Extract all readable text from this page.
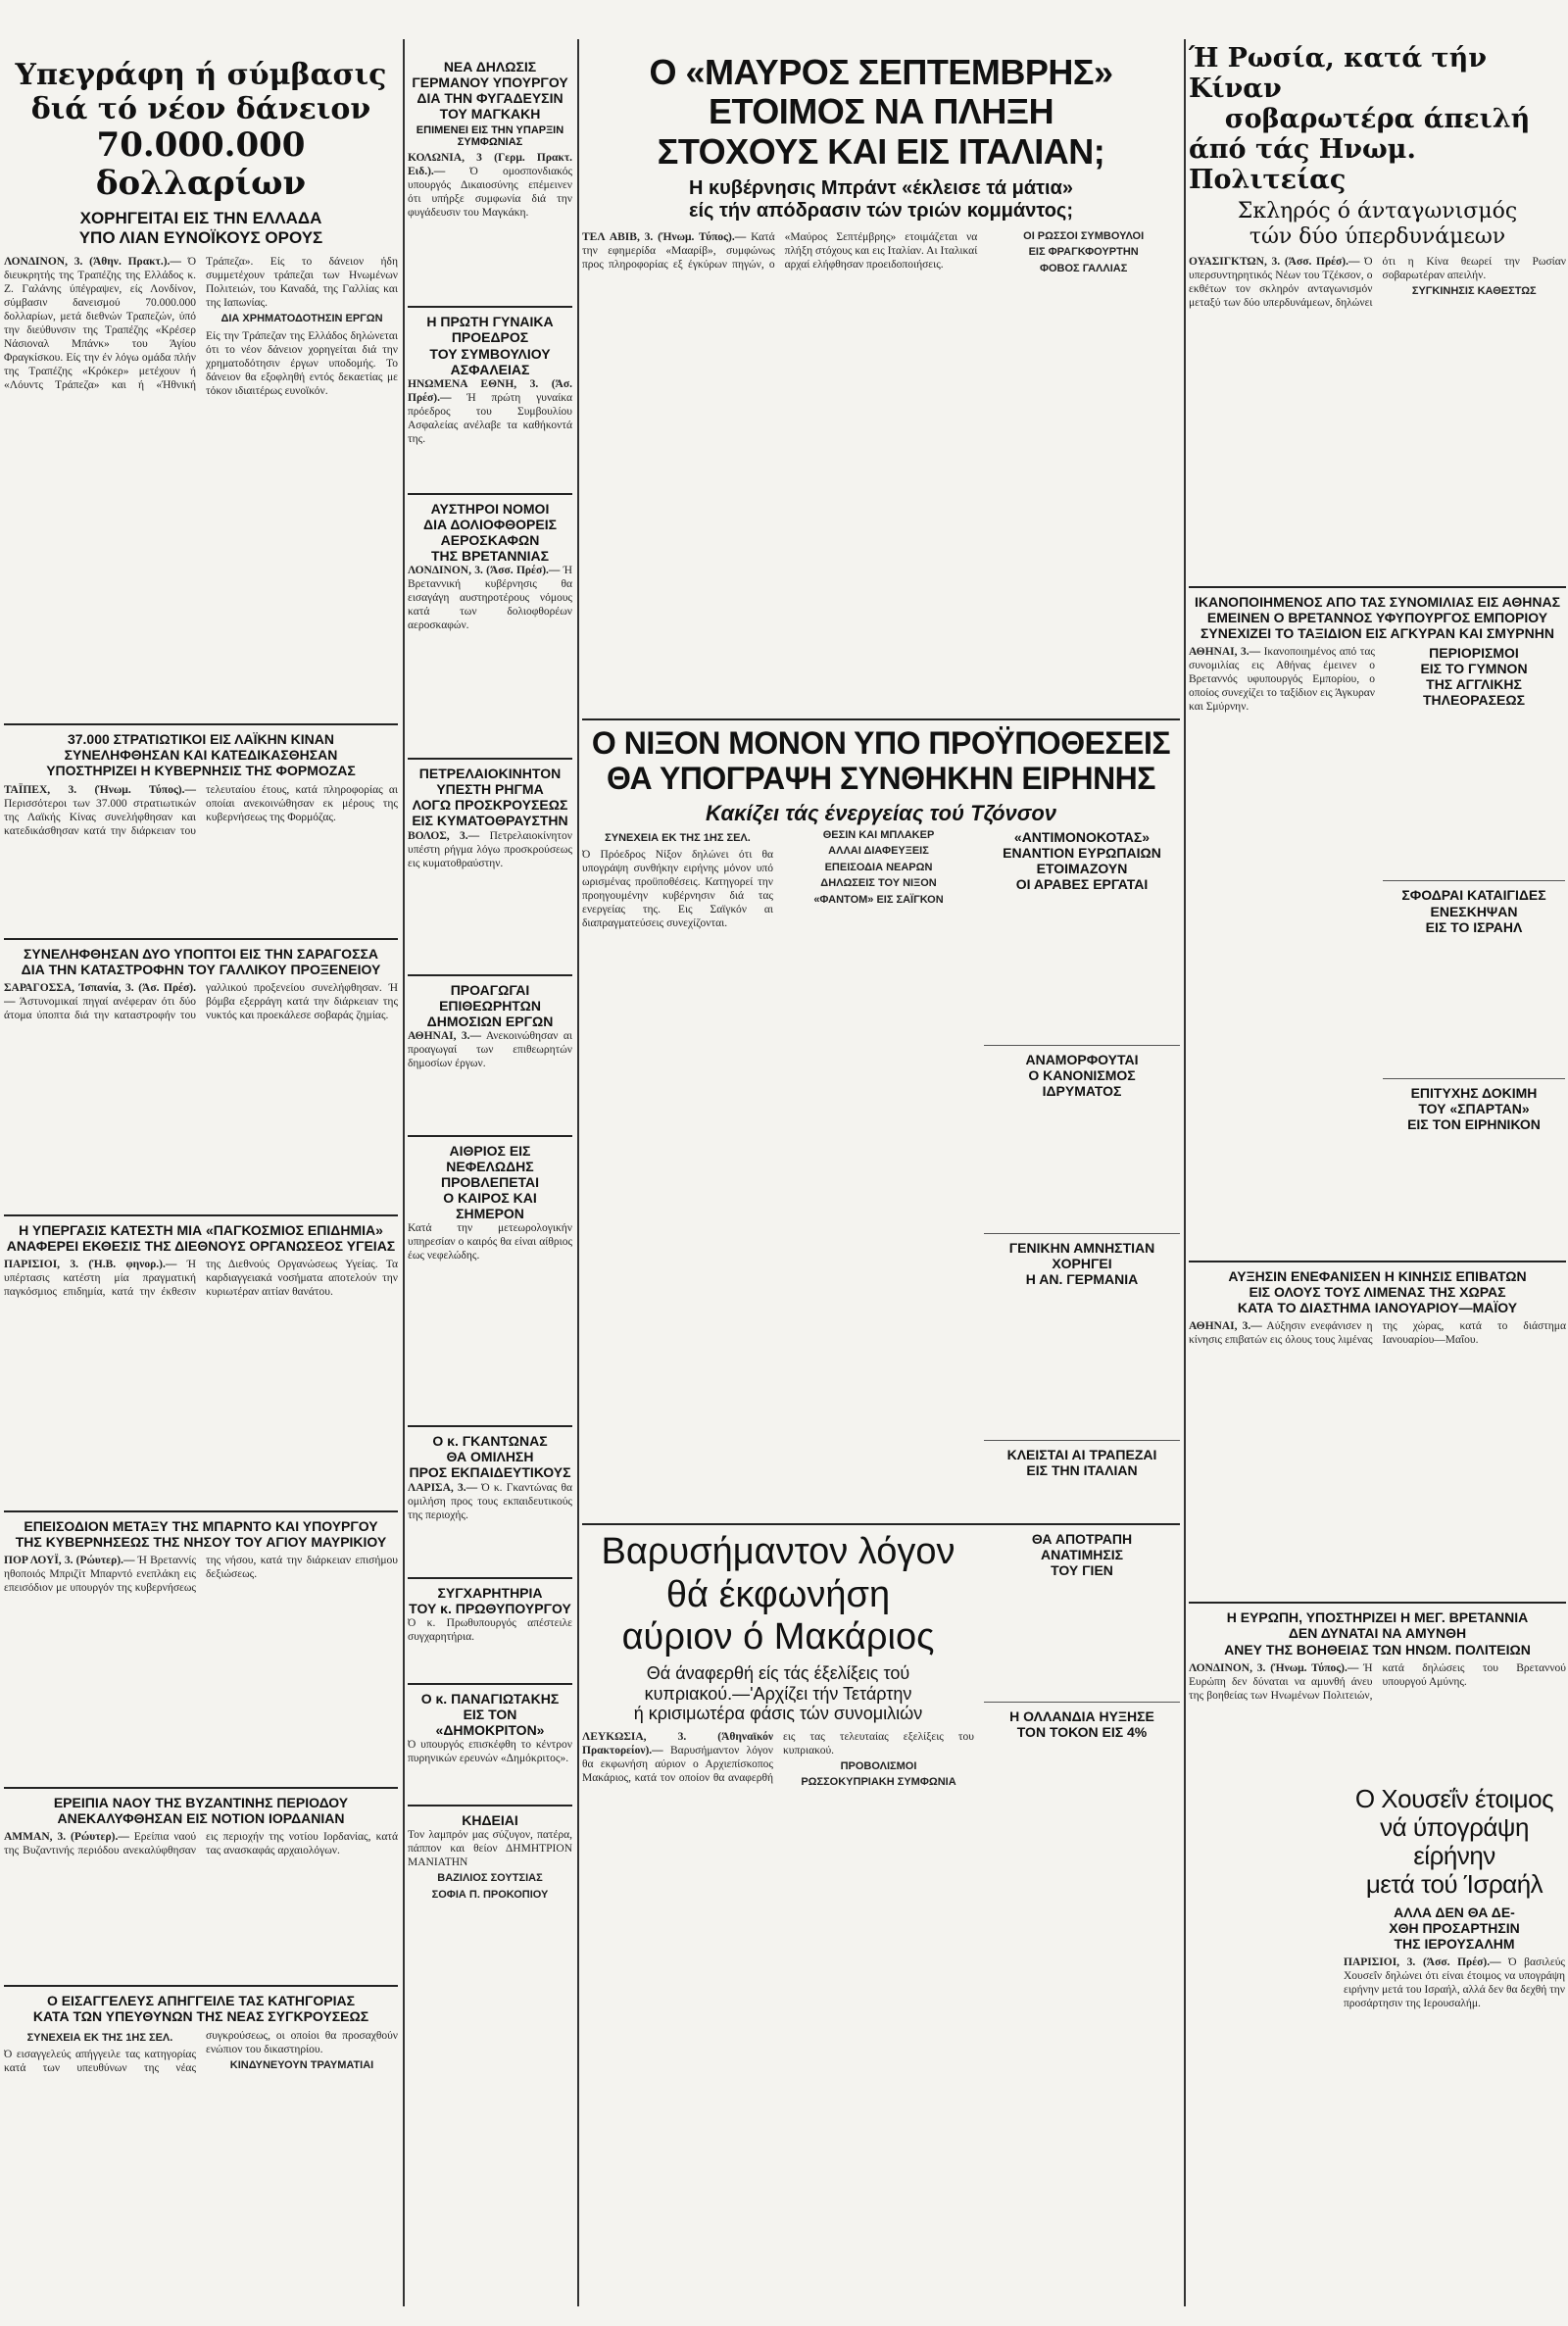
Υπεγράφη ή σύμβασις
διά τό νέον δάνειον
70.000.000 δολλαρίων
ΧΟΡΗΓΕΙΤΑΙ ΕΙΣ ΤΗΝ ΕΛΛΑΔΑ
ΥΠΟ ΛΙΑΝ ΕΥΝΟΪΚΟΥΣ ΟΡΟΥΣ
ΛΟΝΔΙΝΟΝ, 3. (Άθην. Πρακτ.).— Ό διευκρητής της Τραπέζης της Ελλάδος κ. Ζ. Γαλάνης ύπέγραψεν, είς Λονδίνον, σύμβασιν δανεισμού 70.000.000 δολλαρίων, μετά διεθνών Τραπεζών, ύπό την διεύθυνσιν της Τραπέζης «Κρέσερ Νάσιοναλ Μπάνκ» του Άγίου Φραγκίσκου. Είς την έν λόγω ομάδα πλήν της Τραπέζης «Κρόκερ» μετέχουν ή «Λόυντς Τράπεζα» και ή «Ήθνική Τράπεζα». Είς το δάνειον ήδη συμμετέχουν τράπεζαι των Ηνωμένων Πολιτειών, του Καναδά, της Γαλλίας και της Ιαπωνίας.
ΔΙΑ ΧΡΗΜΑΤΟΔΟΤΗΣΙΝ ΕΡΓΩΝ
Είς την Τράπεζαν της Ελλάδος δηλώνεται ότι το νέον δάνειον χορηγείται διά την χρηματοδότησιν έργων υποδομής. Το δάνειον θα εξοφληθή εντός δεκαετίας με τόκον ιδιαιτέρως ευνοϊκόν.
37.000 ΣΤΡΑΤΙΩΤΙΚΟΙ ΕΙΣ ΛΑΪΚΗΝ ΚΙΝΑΝ
ΣΥΝΕΛΗΦΘΗΣΑΝ ΚΑΙ ΚΑΤΕΔΙΚΑΣΘΗΣΑΝ
ΥΠΟΣΤΗΡΙΖΕΙ Η ΚΥΒΕΡΝΗΣΙΣ ΤΗΣ ΦΟΡΜΟΖΑΣ
ΤΑΪΠΕΧ, 3. (Ήνωμ. Τύπος).— Περισσότεροι των 37.000 στρατιωτικών της Λαϊκής Κίνας συνελήφθησαν και κατεδικάσθησαν κατά την διάρκειαν του τελευταίου έτους, κατά πληροφορίας αι οποίαι ανεκοινώθησαν εκ μέρους της κυβερνήσεως της Φορμόζας.
ΣΥΝΕΛΗΦΘΗΣΑΝ ΔΥΟ ΥΠΟΠΤΟΙ ΕΙΣ ΤΗΝ ΣΑΡΑΓΟΣΣΑ
ΔΙΑ ΤΗΝ ΚΑΤΑΣΤΡΟΦΗΝ ΤΟΥ ΓΑΛΛΙΚΟΥ ΠΡΟΞΕΝΕΙΟΥ
ΣΑΡΑΓΟΣΣΑ, Ίσπανία, 3. (Άσ. Πρέσ).— Άστυνομικαί πηγαί ανέφεραν ότι δύο άτομα ύποπτα διά την καταστροφήν του γαλλικού προξενείου συνελήφθησαν. Ή βόμβα εξερράγη κατά την διάρκειαν της νυκτός και προεκάλεσε σοβαράς ζημίας.
Η ΥΠΕΡΓΑΣΙΣ ΚΑΤΕΣΤΗ ΜΙΑ «ΠΑΓΚΟΣΜΙΟΣ ΕΠΙΔΗΜΙΑ»
ΑΝΑΦΕΡΕΙ ΕΚΘΕΣΙΣ ΤΗΣ ΔΙΕΘΝΟΥΣ ΟΡΓΑΝΩΣΕΟΣ ΥΓΕΙΑΣ
ΠΑΡΙΣΙΟΙ, 3. (Ή.Β. φηνορ.).— Ή υπέρτασις κατέστη μία πραγματική παγκόσμιος επιδημία, κατά την έκθεσιν της Διεθνούς Οργανώσεως Υγείας. Τα καρδιαγγειακά νοσήματα αποτελούν την κυριωτέραν αιτίαν θανάτου.
ΕΠΕΙΣΟΔΙΟΝ ΜΕΤΑΞΥ ΤΗΣ ΜΠΑΡΝΤΟ ΚΑΙ ΥΠΟΥΡΓΟΥ
ΤΗΣ ΚΥΒΕΡΝΗΣΕΩΣ ΤΗΣ ΝΗΣΟΥ ΤΟΥ ΑΓΙΟΥ ΜΑΥΡΙΚΙΟΥ
ΠΟΡ ΛΟΥΪ, 3. (Ρώυτερ).— Ή Βρεταννίς ηθοποιός Μπριζίτ Μπαρντό ενεπλάκη εις επεισόδιον με υπουργόν της κυβερνήσεως της νήσου, κατά την διάρκειαν επισήμου δεξιώσεως.
ΕΡΕΙΠΙΑ ΝΑΟΥ ΤΗΣ ΒΥΖΑΝΤΙΝΗΣ ΠΕΡΙΟΔΟΥ
ΑΝΕΚΑΛΥΦΘΗΣΑΝ ΕΙΣ ΝΟΤΙΟΝ ΙΟΡΔΑΝΙΑΝ
ΑΜΜΑΝ, 3. (Ρώυτερ).— Ερείπια ναού της Βυζαντινής περιόδου ανεκαλύφθησαν εις περιοχήν της νοτίου Ιορδανίας, κατά τας ανασκαφάς αρχαιολόγων.
Ο ΕΙΣΑΓΓΕΛΕΥΣ ΑΠΗΓΓΕΙΛΕ ΤΑΣ ΚΑΤΗΓΟΡΙΑΣ
ΚΑΤΑ ΤΩΝ ΥΠΕΥΘΥΝΩΝ ΤΗΣ ΝΕΑΣ ΣΥΓΚΡΟΥΣΕΩΣ
ΣΥΝΕΧΕΙΑ ΕΚ ΤΗΣ 1ΗΣ ΣΕΛ.
Ό εισαγγελεύς απήγγειλε τας κατηγορίας κατά των υπευθύνων της νέας συγκρούσεως, οι οποίοι θα προσαχθούν ενώπιον του δικαστηρίου.
ΚΙΝΔΥΝΕΥΟΥΝ ΤΡΑΥΜΑΤΙΑΙ
ΝΕΑ ΔΗΛΩΣΙΣ
ΓΕΡΜΑΝΟΥ ΥΠΟΥΡΓΟΥ
ΔΙΑ ΤΗΝ ΦΥΓΑΔΕΥΣΙΝ
ΤΟΥ ΜΑΓΚΑΚΗ
ΕΠΙΜΕΝΕΙ ΕΙΣ ΤΗΝ ΥΠΑΡΞΙΝ ΣΥΜΦΩΝΙΑΣ
ΚΟΛΩΝΙΑ, 3 (Γερμ. Πρακτ. Ειδ.).— Ό ομοσπονδιακός υπουργός Δικαιοσύνης επέμεινεν ότι υπήρξε συμφωνία διά την φυγάδευσιν του Μαγκάκη.
Η ΠΡΩΤΗ ΓΥΝΑΙΚΑ
ΠΡΟΕΔΡΟΣ
ΤΟΥ ΣΥΜΒΟΥΛΙΟΥ
ΑΣΦΑΛΕΙΑΣ
ΗΝΩΜΕΝΑ ΕΘΝΗ, 3. (Άσ. Πρέσ).— Ή πρώτη γυναίκα πρόεδρος του Συμβουλίου Ασφαλείας ανέλαβε τα καθήκοντά της.
ΑΥΣΤΗΡΟΙ ΝΟΜΟΙ
ΔΙΑ ΔΟΛΙΟΦΘΟΡΕΙΣ
ΑΕΡΟΣΚΑΦΩΝ
ΤΗΣ ΒΡΕΤΑΝΝΙΑΣ
ΛΟΝΔΙΝΟΝ, 3. (Άσσ. Πρέσ).— Ή Βρεταννική κυβέρνησις θα εισαγάγη αυστηροτέρους νόμους κατά των δολιοφθορέων αεροσκαφών.
ΠΕΤΡΕΛΑΙΟΚΙΝΗΤΟΝ
ΥΠΕΣΤΗ ΡΗΓΜΑ
ΛΟΓΩ ΠΡΟΣΚΡΟΥΣΕΩΣ
ΕΙΣ ΚΥΜΑΤΟΘΡΑΥΣΤΗΝ
ΒΟΛΟΣ, 3.— Πετρελαιοκίνητον υπέστη ρήγμα λόγω προσκρούσεως εις κυματοθραύστην.
ΠΡΟΑΓΩΓΑΙ
ΕΠΙΘΕΩΡΗΤΩΝ
ΔΗΜΟΣΙΩΝ ΕΡΓΩΝ
ΑΘΗΝΑΙ, 3.— Ανεκοινώθησαν αι προαγωγαί των επιθεωρητών δημοσίων έργων.
ΑΙΘΡΙΟΣ ΕΙΣ ΝΕΦΕΛΩΔΗΣ
ΠΡΟΒΛΕΠΕΤΑΙ
Ο ΚΑΙΡΟΣ ΚΑΙ ΣΗΜΕΡΟΝ
Κατά την μετεωρολογικήν υπηρεσίαν ο καιρός θα είναι αίθριος έως νεφελώδης.
Ο κ. ΓΚΑΝΤΩΝΑΣ
ΘΑ ΟΜΙΛΗΣΗ
ΠΡΟΣ ΕΚΠΑΙΔΕΥΤΙΚΟΥΣ
ΛΑΡΙΣΑ, 3.— Ό κ. Γκαντώνας θα ομιλήση προς τους εκπαιδευτικούς της περιοχής.
ΣΥΓΧΑΡΗΤΗΡΙΑ
ΤΟΥ κ. ΠΡΩΘΥΠΟΥΡΓΟΥ
Ό κ. Πρωθυπουργός απέστειλε συγχαρητήρια.
Ο κ. ΠΑΝΑΓΙΩΤΑΚΗΣ
ΕΙΣ ΤΟΝ «ΔΗΜΟΚΡΙΤΟΝ»
Ό υπουργός επισκέφθη το κέντρον πυρηνικών ερευνών «Δημόκριτος».
ΚΗΔΕΙΑΙ
Τον λαμπρόν μας σύζυγον, πατέρα, πάππον και θείον ΔΗΜΗΤΡΙΟΝ ΜΑΝΙΑΤΗΝ
ΒΑΖΙΛΙΟΣ ΣΟΥΤΣΙΑΣ
ΣΟΦΙΑ Π. ΠΡΟΚΟΠΙΟΥ
Ο «ΜΑΥΡΟΣ ΣΕΠΤΕΜΒΡΗΣ»
ΕΤΟΙΜΟΣ ΝΑ ΠΛΗΞΗ
ΣΤΟΧΟΥΣ ΚΑΙ ΕΙΣ ΙΤΑΛΙΑΝ;
Η κυβέρνησις Μπράντ «έκλεισε τά μάτια»
είς τήν απόδρασιν τών τριών κομμάντος;
ΤΕΛ ΑΒΙΒ, 3. (Ήνωμ. Τύπος).— Κατά την εφημερίδα «Μααρίβ», συμφώνως προς πληροφορίας εξ έγκύρων πηγών, ο «Μαύρος Σεπτέμβρης» ετοιμάζεται να πλήξη στόχους και εις Ιταλίαν. Αι Ιταλικαί αρχαί ελήφθησαν προειδοποιήσεις.
ΟΙ ΡΩΣΣΟΙ ΣΥΜΒΟΥΛΟΙ
ΕΙΣ ΦΡΑΓΚΦΟΥΡΤΗΝ
ΦΟΒΟΣ ΓΑΛΛΙΑΣ
Ο ΝΙΞΟΝ ΜΟΝΟΝ ΥΠΟ ΠΡΟΫΠΟΘΕΣΕΙΣ
ΘΑ ΥΠΟΓΡΑΨΗ ΣΥΝΘΗΚΗΝ ΕΙΡΗΝΗΣ
Κακίζει τάς ένεργείας τού Τζόνσον
ΣΥΝΕΧΕΙΑ ΕΚ ΤΗΣ 1ΗΣ ΣΕΛ.
Ό Πρόεδρος Νίξον δηλώνει ότι θα υπογράψη συνθήκην ειρήνης μόνον υπό ωρισμένας προϋποθέσεις. Κατηγορεί την προηγουμένην κυβέρνησιν διά τας ενεργείας της. Εις Σαϊγκόν αι διαπραγματεύσεις συνεχίζονται.
ΘΕΣΙΝ ΚΑΙ ΜΠΛΑΚΕΡ
ΑΛΛΑΙ ΔΙΑΦΕΥΞΕΙΣ
ΕΠΕΙΣΟΔΙΑ ΝΕΑΡΩΝ
ΔΗΛΩΣΕΙΣ ΤΟΥ ΝΙΞΟΝ
«ΦΑΝΤΟΜ» ΕΙΣ ΣΑΪΓΚΟΝ
«ΑΝΤΙΜΟΝΟΚΟΤΑΣ»
ΕΝΑΝΤΙΟΝ ΕΥΡΩΠΑΙΩΝ
ΕΤΟΙΜΑΖΟΥΝ
ΟΙ ΑΡΑΒΕΣ ΕΡΓΑΤΑΙ
ΑΝΑΜΟΡΦΟΥΤΑΙ
Ο ΚΑΝΟΝΙΣΜΟΣ
ΙΔΡΥΜΑΤΟΣ
ΓΕΝΙΚΗΝ ΑΜΝΗΣΤΙΑΝ
ΧΟΡΗΓΕΙ
Η ΑΝ. ΓΕΡΜΑΝΙΑ
ΚΛΕΙΣΤΑΙ ΑΙ ΤΡΑΠΕΖΑΙ
ΕΙΣ ΤΗΝ ΙΤΑΛΙΑΝ
Βαρυσήμαντον λόγον
θά έκφωνήση
αύριον ό Μακάριος
Θά άναφερθή είς τάς έξελίξεις τού
κυπριακού.—'Αρχίζει τήν Τετάρτην
ή κρισιμωτέρα φάσις τών συνομιλιών
ΛΕΥΚΩΣΙΑ, 3. (Άθηναϊκόν Πρακτορείον).— Βαρυσήμαντον λόγον θα εκφωνήση αύριον ο Αρχιεπίσκοπος Μακάριος, κατά τον οποίον θα αναφερθή εις τας τελευταίας εξελίξεις του κυπριακού.
ΠΡΟΒΟΛΙΣΜΟΙ
ΡΩΣΣΟΚΥΠΡΙΑΚΗ ΣΥΜΦΩΝΙΑ
ΘΑ ΑΠΟΤΡΑΠΗ
ΑΝΑΤΙΜΗΣΙΣ
ΤΟΥ ΓΙΕΝ
Η ΟΛΛΑΝΔΙΑ ΗΥΞΗΣΕ
ΤΟΝ ΤΟΚΟΝ ΕΙΣ 4%
Ή Ρωσία, κατά τήν Κίναν
σοβαρωτέρα άπειλή
άπό τάς Ηνωμ. Πολιτείας
Σκληρός ό άνταγωνισμός
τών δύο ύπερδυνάμεων
ΟΥΑΣΙΓΚΤΩΝ, 3. (Άσσ. Πρέσ).— Ό υπερσυντηρητικός Νέων του Τζέκσον, ο εκθέτων τον σκληρόν ανταγωνισμόν μεταξύ των δύο υπερδυνάμεων, δηλώνει ότι η Κίνα θεωρεί την Ρωσίαν σοβαρωτέραν απειλήν.
ΣΥΓΚΙΝΗΣΙΣ ΚΑΘΕΣΤΩΣ
ΙΚΑΝΟΠΟΙΗΜΕΝΟΣ ΑΠΟ ΤΑΣ ΣΥΝΟΜΙΛΙΑΣ ΕΙΣ ΑΘΗΝΑΣ
ΕΜΕΙΝΕΝ Ο ΒΡΕΤΑΝΝΟΣ ΥΦΥΠΟΥΡΓΟΣ ΕΜΠΟΡΙΟΥ
ΣΥΝΕΧΙΖΕΙ ΤΟ ΤΑΞΙΔΙΟΝ ΕΙΣ ΑΓΚΥΡΑΝ ΚΑΙ ΣΜΥΡΝΗΝ
ΑΘΗΝΑΙ, 3.— Ικανοποιημένος από τας συνομιλίας εις Αθήνας έμεινεν ο Βρεταννός υφυπουργός Εμπορίου, ο οποίος συνεχίζει το ταξίδιον εις Άγκυραν και Σμύρνην.
ΠΕΡΙΟΡΙΣΜΟΙ
ΕΙΣ ΤΟ ΓΥΜΝΟΝ
ΤΗΣ ΑΓΓΛΙΚΗΣ
ΤΗΛΕΟΡΑΣΕΩΣ
ΣΦΟΔΡΑΙ ΚΑΤΑΙΓΙΔΕΣ
ΕΝΕΣΚΗΨΑΝ
ΕΙΣ ΤΟ ΙΣΡΑΗΛ
ΕΠΙΤΥΧΗΣ ΔΟΚΙΜΗ
ΤΟΥ «ΣΠΑΡΤΑΝ»
ΕΙΣ ΤΟΝ ΕΙΡΗΝΙΚΟΝ
ΑΥΞΗΣΙΝ ΕΝΕΦΑΝΙΣΕΝ Η ΚΙΝΗΣΙΣ ΕΠΙΒΑΤΩΝ
ΕΙΣ ΟΛΟΥΣ ΤΟΥΣ ΛΙΜΕΝΑΣ ΤΗΣ ΧΩΡΑΣ
ΚΑΤΑ ΤΟ ΔΙΑΣΤΗΜΑ ΙΑΝΟΥΑΡΙΟΥ—ΜΑΪΟΥ
ΑΘΗΝΑΙ, 3.— Αύξησιν ενεφάνισεν η κίνησις επιβατών εις όλους τους λιμένας της χώρας, κατά το διάστημα Ιανουαρίου—Μαΐου.
Η ΕΥΡΩΠΗ, ΥΠΟΣΤΗΡΙΖΕΙ Η ΜΕΓ. ΒΡΕΤΑΝΝΙΑ
ΔΕΝ ΔΥΝΑΤΑΙ ΝΑ ΑΜΥΝΘΗ
ΑΝΕΥ ΤΗΣ ΒΟΗΘΕΙΑΣ ΤΩΝ ΗΝΩΜ. ΠΟΛΙΤΕΙΩΝ
ΛΟΝΔΙΝΟΝ, 3. (Ήνωμ. Τύπος).— Ή Ευρώπη δεν δύναται να αμυνθή άνευ της βοηθείας των Ηνωμένων Πολιτειών, κατά δηλώσεις του Βρεταννού υπουργού Αμύνης.
Ο Χουσεΐν έτοιμος
νά ύπογράψη
είρήνην
μετά τού Ίσραήλ
ΑΛΛΑ ΔΕΝ ΘΑ ΔΕ-
ΧΘΗ ΠΡΟΣΑΡΤΗΣΙΝ
ΤΗΣ ΙΕΡΟΥΣΑΛΗΜ
ΠΑΡΙΣΙΟΙ, 3. (Άσσ. Πρέσ).— Ό βασιλεύς Χουσεΐν δηλώνει ότι είναι έτοιμος να υπογράψη ειρήνην μετά του Ισραήλ, αλλά δεν θα δεχθή την προσάρτησιν της Ιερουσαλήμ.
